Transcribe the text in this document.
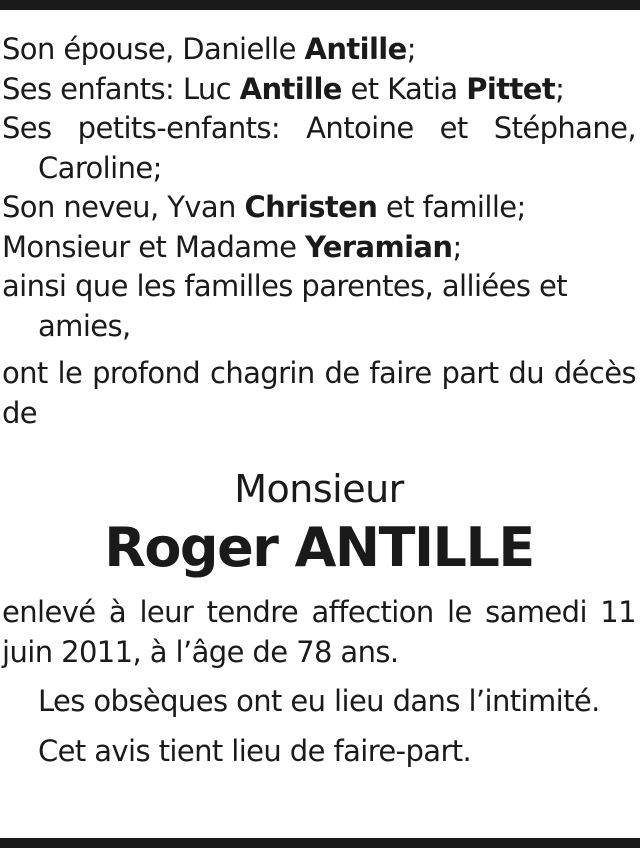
Son épouse, Danielle Antille;

Ses enfants: Luc Antille et Katia Pittet;

Ses petits-enfants: Antoine et Stéphane, Caroline;

Son neveu, Yvan Christen et famille;

Monsieur et Madame Yeramian;

ainsi que les familles parentes, alliées et amies,

ont le profond chagrin de faire part du décès de

Monsieur
Roger ANTILLE

enlevé à leur tendre affection le samedi 11 juin 2011, à l’âge de 78 ans.

Les obsèques ont eu lieu dans l’intimité.

Cet avis tient lieu de faire-part.
